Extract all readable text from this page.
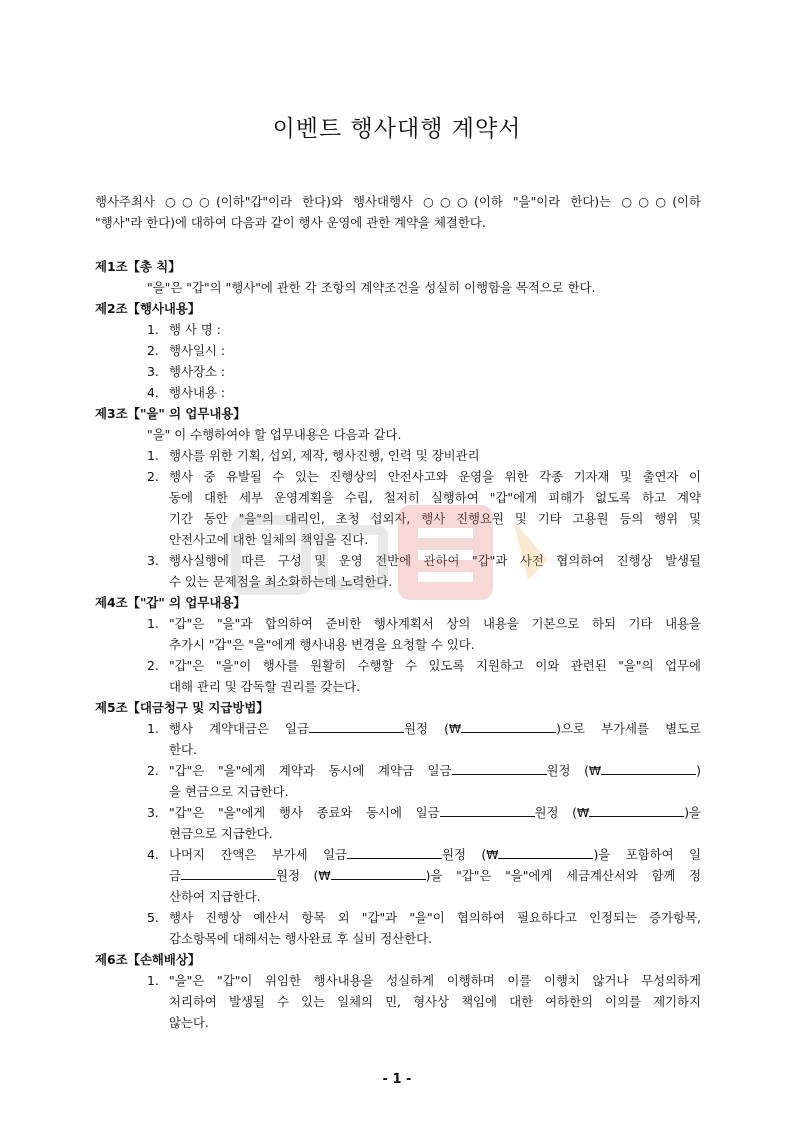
이벤트 행사대행 계약서
행사주최사 ○○○(이하"갑"이라 한다)와 행사대행사 ○○○(이하 "을"이라 한다)는 ○○○(이하
"행사"라 한다)에 대하여 다음과 같이 행사 운영에 관한 계약을 체결한다.
제1조【총 칙】
"을"은 "갑"의 "행사"에 관한 각 조항의 계약조건을 성실히 이행함을 목적으로 한다.
제2조【행사내용】
1. 행 사 명 :
2. 행사일시 :
3. 행사장소 :
4. 행사내용 :
제3조【"을" 의 업무내용】
"을" 이 수행하여야 할 업무내용은 다음과 같다.
1. 행사를 위한 기획, 섭외, 제작, 행사진행, 인력 및 장비관리
2. 행사 중 유발될 수 있는 진행상의 안전사고와 운영을 위한 각종 기자재 및 출연자 이
동에 대한 세부 운영계획을 수립, 철저히 실행하여 "갑"에게 피해가 없도록 하고 계약
기간 동안 "을"의 대리인, 초청 섭외자, 행사 진행요원 및 기타 고용원 등의 행위 및
안전사고에 대한 일체의 책임을 진다.
3. 행사실행에 따른 구성 및 운영 전반에 관하여 "갑"과 사전 협의하여 진행상 발생될
수 있는 문제점을 최소화하는데 노력한다.
제4조【"갑" 의 업무내용】
1. "갑"은 "을"과 합의하여 준비한 행사계획서 상의 내용을 기본으로 하되 기타 내용을
추가시 "갑"은 "을"에게 행사내용 변경을 요청할 수 있다.
2. "갑"은 "을"이 행사를 원활히 수행할 수 있도록 지원하고 이와 관련된 "을"의 업무에
대해 관리 및 감독할 권리를 갖는다.
제5조【대금청구 및 지급방법】
1. 행사 계약대금은 일금	원정 (₩	)으로 부가세를 별도로
한다.
2. "갑"은 "을"에게 계약과 동시에 계약금 일금	원정 (₩	)
을 현금으로 지급한다.
3. "갑"은 "을"에게 행사 종료와 동시에 일금	원정 (₩	)을
현금으로 지급한다.
4. 나머지 잔액은 부가세 일금	원정 (₩	)을 포함하여 일
금	원정 (₩	)을 "갑"은 "을"에게 세금계산서와 함께 정
산하여 지급한다.
5. 행사 진행상 예산서 항목 외 "갑"과 "을"이 협의하여 필요하다고 인정되는 증가항목,
감소항목에 대해서는 행사완료 후 실비 정산한다.
제6조【손해배상】
1. "을"은 "갑"이 위임한 행사내용을 성실하게 이행하며 이를 이행치 않거나 무성의하게
처리하여 발생될 수 있는 일체의 민, 형사상 책임에 대한 여하한의 이의를 제기하지
않는다.
- 1 -
